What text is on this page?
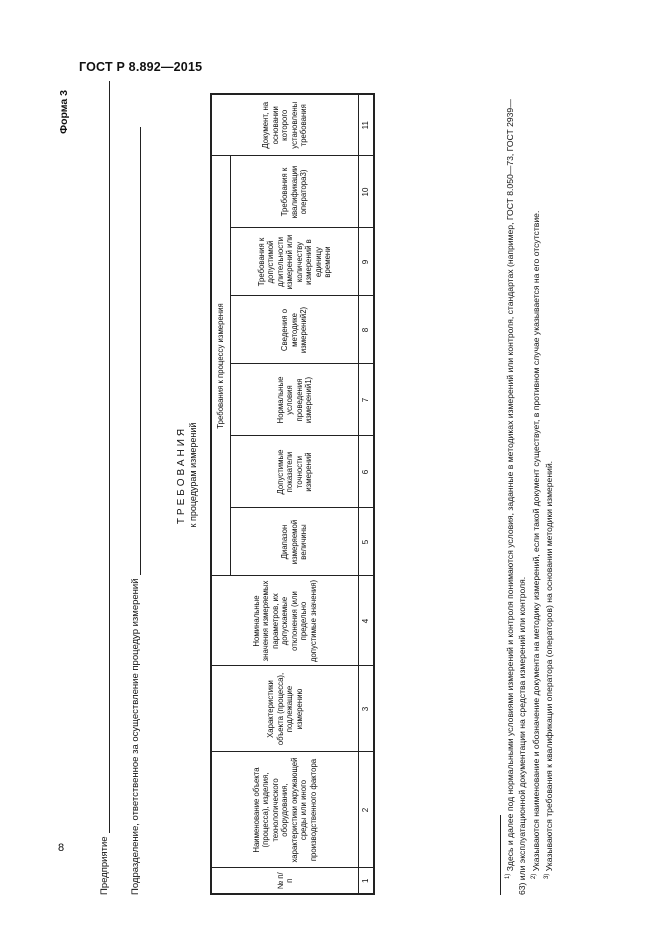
ГОСТ Р 8.892—2015
8
Форма 3
Предприятие Подразделение, ответственное за осуществление процедур измерений
ТРЕБОВАНИЯ к процедурам измерений
№ п/п	Наименование объекта (процесса), изделия, технологического оборудования, характеристики окружающей среды или иного производственного фактора	Характеристики объекта (процесса), подлежащие измерению	Номинальные значения измеряемых параметров, их допускаемые отклонения (или предельно допустимые значения)	Требования к процессу измерения						Документ, на основании которого установлены требования
				Диапазон измеряемой величины	Допустимые показатели точности измерений	Нормальные условия проведения измерений1)	Сведения о методике измерений2)	Требования к допустимой длительности измерений или количеству измерений в единицу времени	Требования к квалификации оператора3)	
1	2	3	4	5	6	7	8	9	10	11

$^{1)}$ Здесь и далее под нормальными условиями измерений и контроля понимаются условия, заданные в методиках измерений или контроля, стандартах (например, ГОСТ 8.050—73, ГОСТ 2939—63) или эксплуатационной документации на средства измерений или контроля. $^{2)}$ Указываются наименование и обозначение документа на методику измерений, если такой документ существует, в противном случае указывается на его отсутствие.

$^{3)}$ Указываются требования к квалификации оператора (операторов) на основании методики измерений.
